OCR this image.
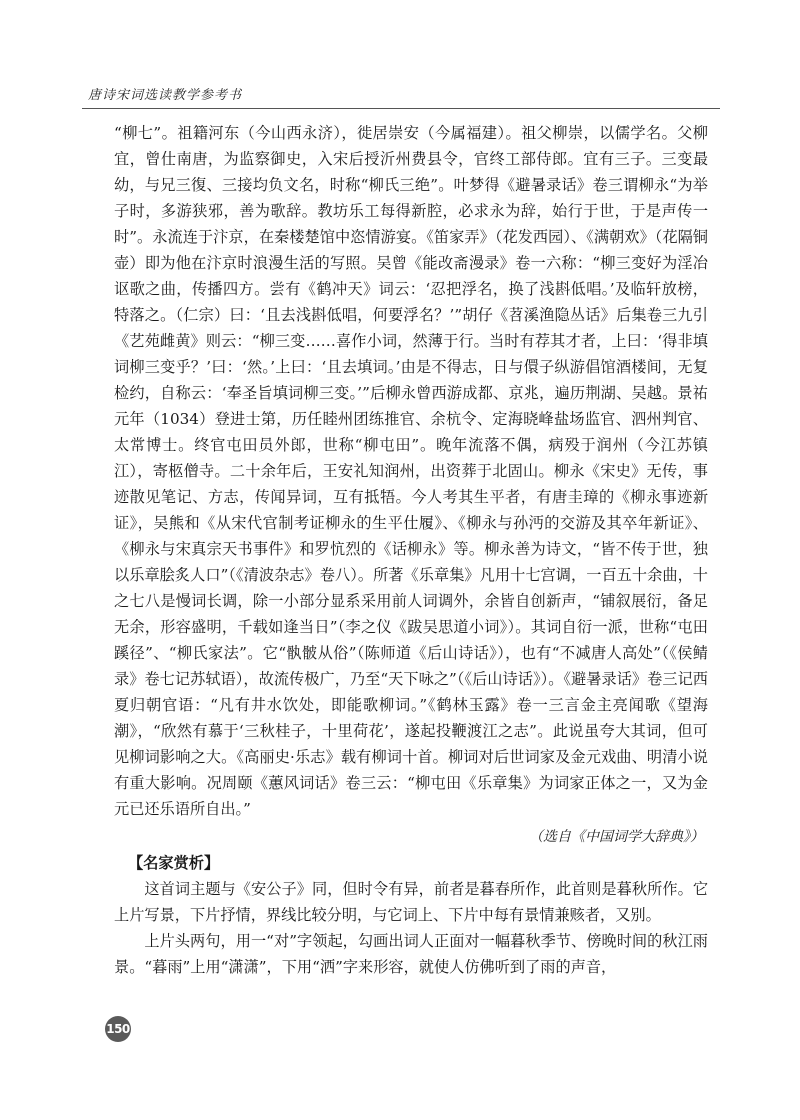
唐诗宋词选读教学参考书

“柳七”。祖籍河东（今山西永济），徙居崇安（今属福建）。祖父柳崇，以儒学名。父柳宜，曾仕南唐，为监察御史，入宋后授沂州费县令，官终工部侍郎。宜有三子。三变最幼，与兄三復、三接均负文名，时称“柳氏三绝”。叶梦得《避暑录话》卷三谓柳永“为举子时，多游狭邪，善为歌辞。教坊乐工每得新腔，必求永为辞，始行于世，于是声传一时”。永流连于汴京，在秦楼楚馆中恣情游宴。《笛家弄》（花发西园）、《满朝欢》（花隔铜壶）即为他在汴京时浪漫生活的写照。吴曾《能改斋漫录》卷一六称：“柳三变好为淫冶讴歌之曲，传播四方。尝有《鹤冲天》词云：‘忍把浮名，换了浅斟低唱。’及临轩放榜，特落之。（仁宗）曰：‘且去浅斟低唱，何要浮名？’”胡仔《苕溪渔隐丛话》后集卷三九引《艺苑雌黄》则云：“柳三变……喜作小词，然薄于行。当时有荐其才者，上曰：‘得非填词柳三变乎？’曰：‘然。’上曰：‘且去填词。’由是不得志，日与儇子纵游倡馆酒楼间，无复检约，自称云：‘奉圣旨填词柳三变。’”后柳永曾西游成都、京兆，遍历荆湖、吴越。景祐元年（1034）登进士第，历任睦州团练推官、余杭令、定海晓峰盐场监官、泗州判官、太常博士。终官屯田员外郎，世称“柳屯田”。晚年流落不偶，病殁于润州（今江苏镇江），寄柩僧寺。二十余年后，王安礼知润州，出资葬于北固山。柳永《宋史》无传，事迹散见笔记、方志，传闻异词，互有抵牾。今人考其生平者，有唐圭璋的《柳永事迹新证》，吴熊和《从宋代官制考证柳永的生平仕履》、《柳永与孙沔的交游及其卒年新证》、《柳永与宋真宗天书事件》和罗忼烈的《话柳永》等。柳永善为诗文，“皆不传于世，独以乐章脍炙人口”（《清波杂志》卷八）。所著《乐章集》凡用十七宫调，一百五十余曲，十之七八是慢词长调，除一小部分显系采用前人词调外，余皆自创新声，“铺叙展衍，备足无余，形容盛明，千载如逢当日”（李之仪《跋吴思道小词》）。其词自衍一派，世称“屯田蹊径”、“柳氏家法”。它“骫骳从俗”（陈师道《后山诗话》），也有“不减唐人高处”（《侯鲭录》卷七记苏轼语），故流传极广，乃至“天下咏之”（《后山诗话》）。《避暑录话》卷三记西夏归朝官语：“凡有井水饮处，即能歌柳词。”《鹤林玉露》卷一三言金主亮闻歌《望海潮》，“欣然有慕于‘三秋桂子，十里荷花’，遂起投鞭渡江之志”。此说虽夸大其词，但可见柳词影响之大。《高丽史·乐志》载有柳词十首。柳词对后世词家及金元戏曲、明清小说有重大影响。况周颐《蕙风词话》卷三云：“柳屯田《乐章集》为词家正体之一，又为金元已还乐语所自出。”

（选自《中国词学大辞典》）

【名家赏析】

这首词主题与《安公子》同，但时令有异，前者是暮春所作，此首则是暮秋所作。它上片写景，下片抒情，界线比较分明，与它词上、下片中每有景情兼赅者，又别。

上片头两句，用一“对”字领起，勾画出词人正面对一幅暮秋季节、傍晚时间的秋江雨景。“暮雨”上用“潇潇”，下用“洒”字来形容，就使人仿佛听到了雨的声音，

150
